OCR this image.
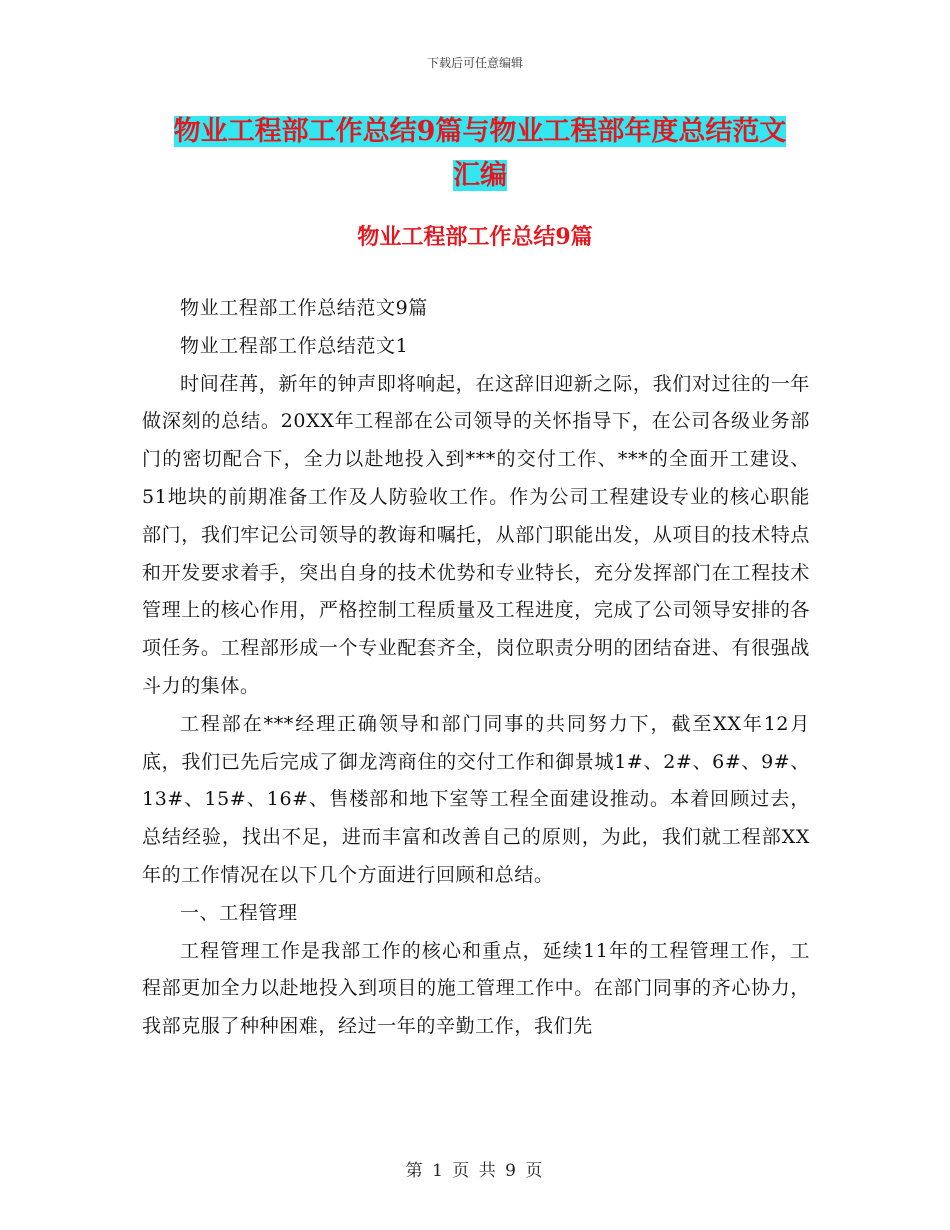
下载后可任意编辑
物业工程部工作总结9篇与物业工程部年度总结范文
汇编
物业工程部工作总结9篇

物业工程部工作总结范文9篇

物业工程部工作总结范文1

时间荏苒，新年的钟声即将响起，在这辞旧迎新之际，我们对过往的一年做深刻的总结。20XX年工程部在公司领导的关怀指导下，在公司各级业务部门的密切配合下，全力以赴地投入到***的交付工作、***的全面开工建设、51地块的前期准备工作及人防验收工作。作为公司工程建设专业的核心职能部门，我们牢记公司领导的教诲和嘱托，从部门职能出发，从项目的技术特点和开发要求着手，突出自身的技术优势和专业特长，充分发挥部门在工程技术管理上的核心作用，严格控制工程质量及工程进度，完成了公司领导安排的各项任务。工程部形成一个专业配套齐全，岗位职责分明的团结奋进、有很强战斗力的集体。

工程部在***经理正确领导和部门同事的共同努力下，截至XX年12月底，我们已先后完成了御龙湾商住的交付工作和御景城1#、2#、6#、9#、13#、15#、16#、售楼部和地下室等工程全面建设推动。本着回顾过去，总结经验，找出不足，进而丰富和改善自己的原则，为此，我们就工程部XX年的工作情况在以下几个方面进行回顾和总结。

一、工程管理

工程管理工作是我部工作的核心和重点，延续11年的工程管理工作，工程部更加全力以赴地投入到项目的施工管理工作中。在部门同事的齐心协力，我部克服了种种困难，经过一年的辛勤工作，我们先

第 1 页 共 9 页
